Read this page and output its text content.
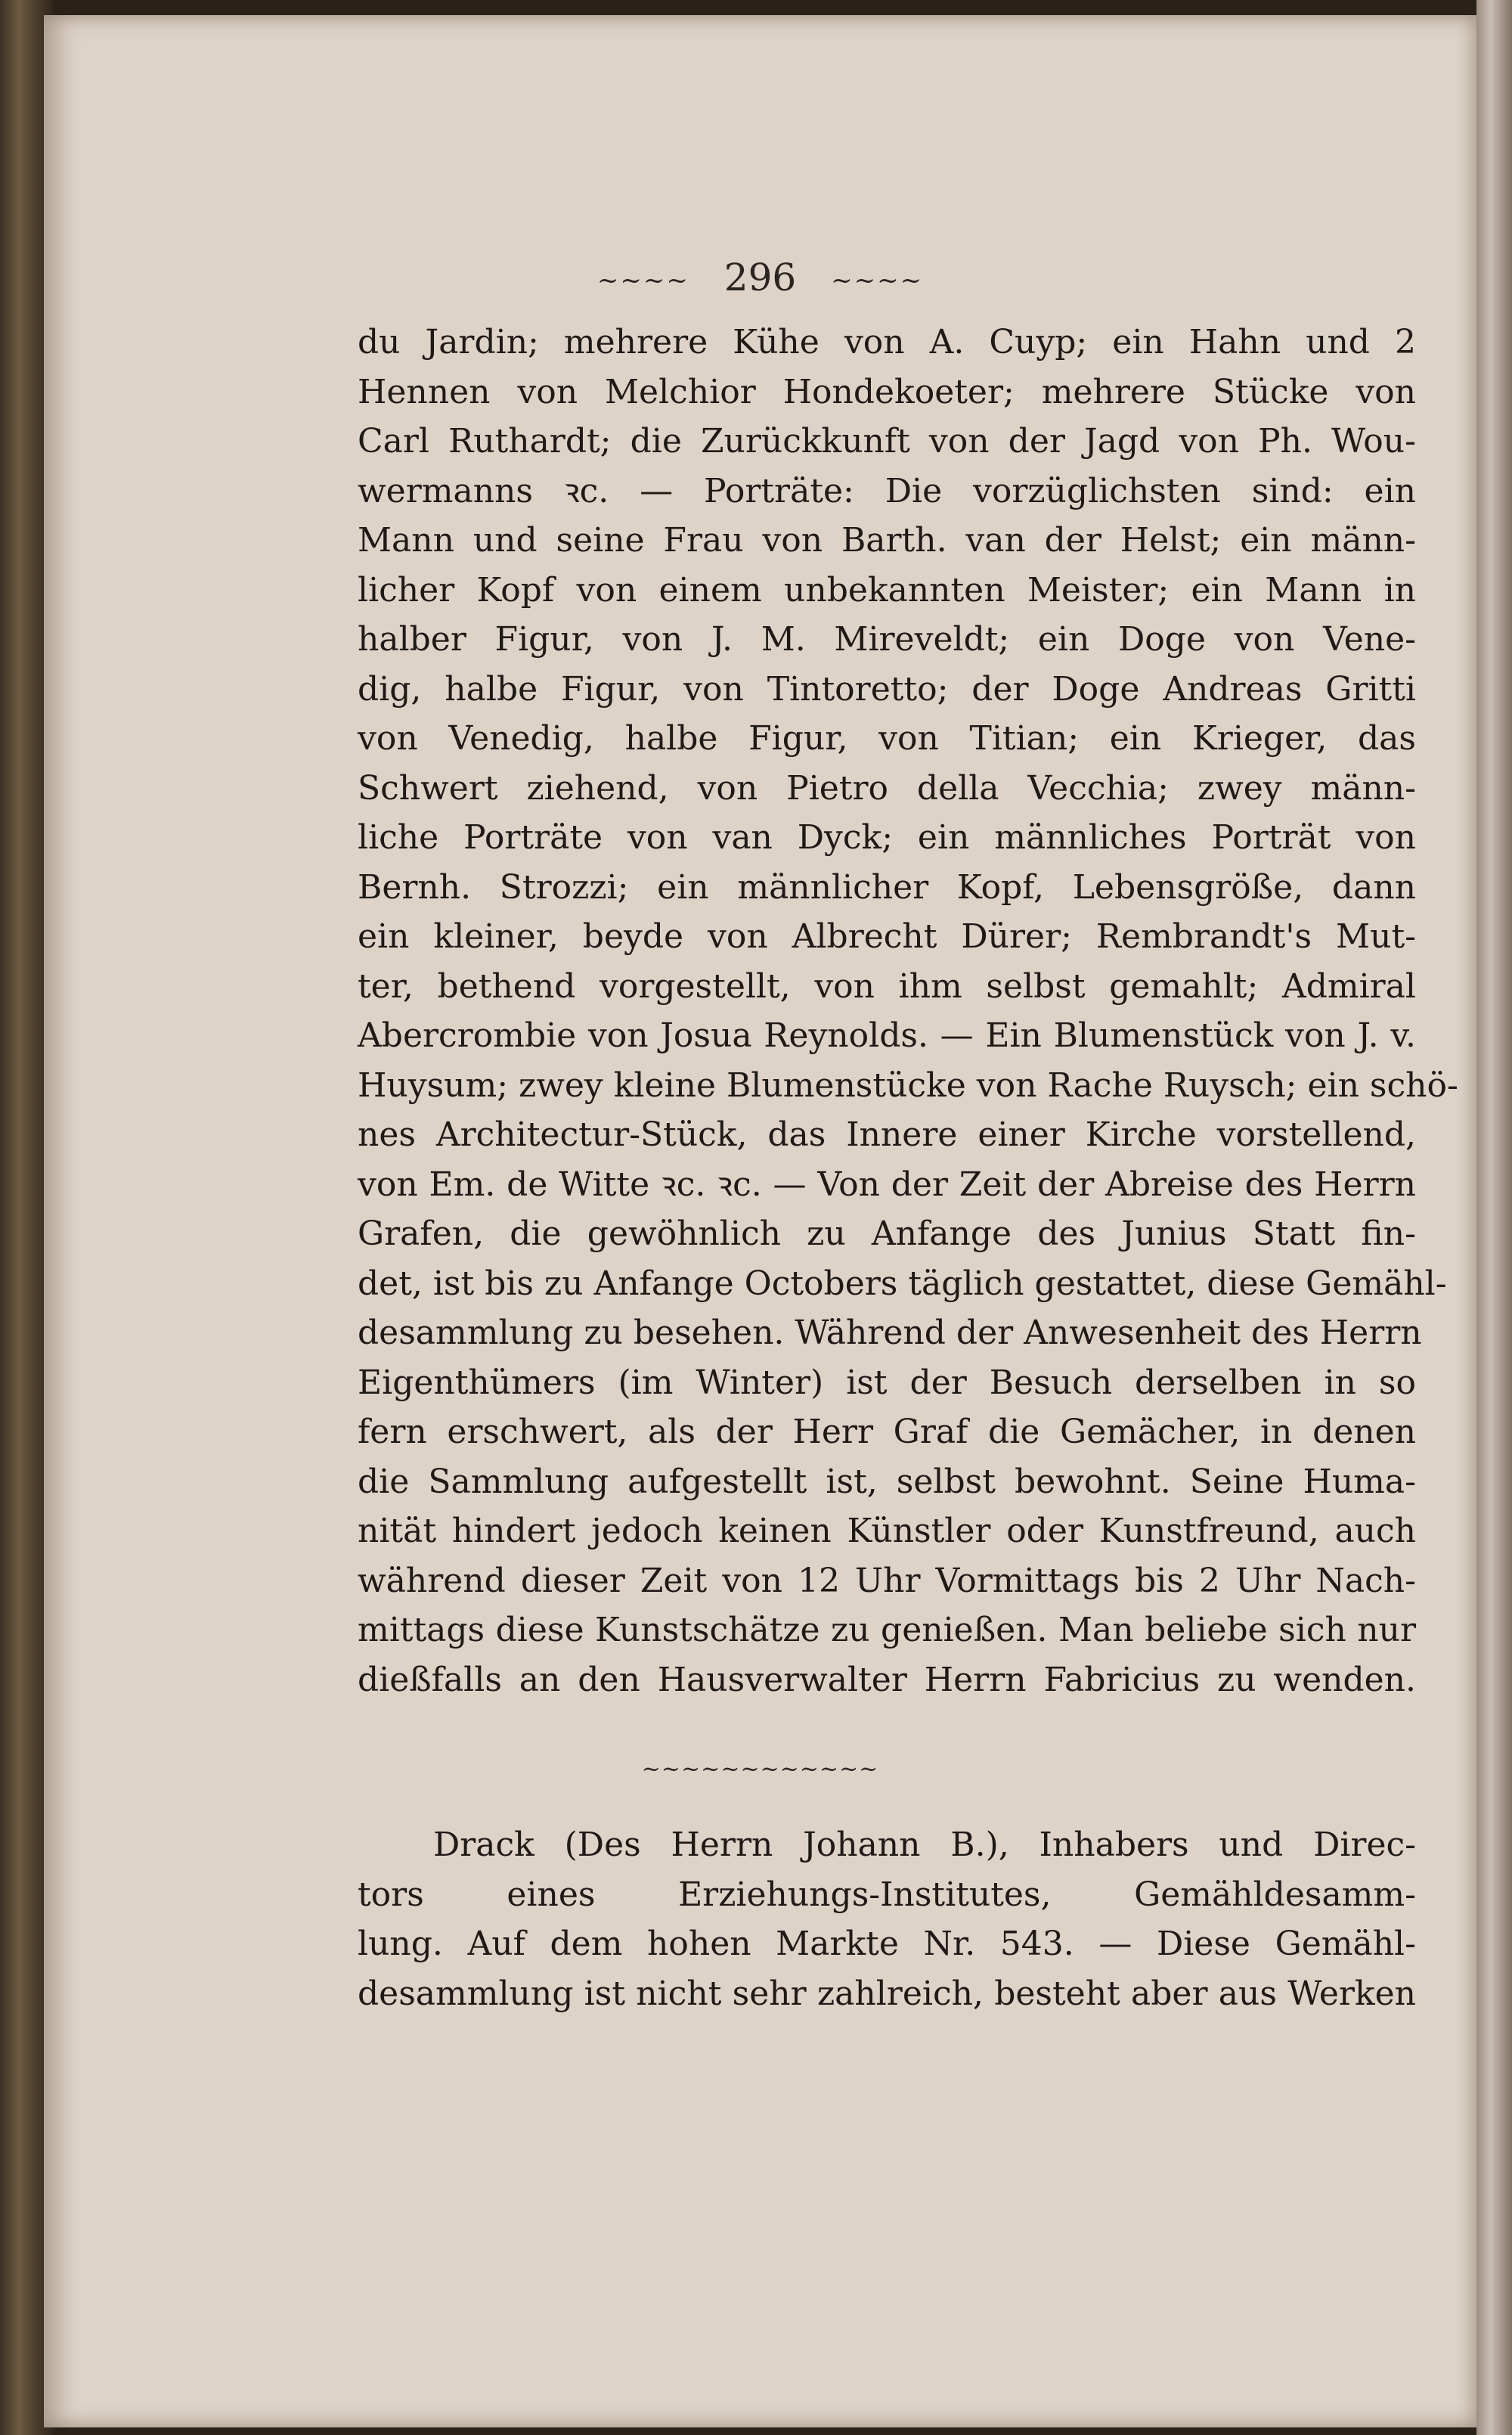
~~~~ 296 ~~~~
du Jardin; mehrere Kühe von A. Cuyp; ein Hahn und 2
Hennen von Melchior Hondekoeter; mehrere Stücke von
Carl Ruthardt; die Zurückkunft von der Jagd von Ph. Wou-
wermanns ꝛc. — Porträte: Die vorzüglichsten sind: ein
Mann und seine Frau von Barth. van der Helst; ein männ-
licher Kopf von einem unbekannten Meister; ein Mann in
halber Figur, von J. M. Mireveldt; ein Doge von Vene-
dig, halbe Figur, von Tintoretto; der Doge Andreas Gritti
von Venedig, halbe Figur, von Titian; ein Krieger, das
Schwert ziehend, von Pietro della Vecchia; zwey männ-
liche Porträte von van Dyck; ein männliches Porträt von
Bernh. Strozzi; ein männlicher Kopf, Lebensgröße, dann
ein kleiner, beyde von Albrecht Dürer; Rembrandt's Mut-
ter, bethend vorgestellt, von ihm selbst gemahlt; Admiral
Abercrombie von Josua Reynolds. — Ein Blumenstück von J. v.
Huysum; zwey kleine Blumenstücke von Rache Ruysch; ein schö-
nes Architectur-Stück, das Innere einer Kirche vorstellend,
von Em. de Witte ꝛc. ꝛc. — Von der Zeit der Abreise des Herrn
Grafen, die gewöhnlich zu Anfange des Junius Statt fin-
det, ist bis zu Anfange Octobers täglich gestattet, diese Gemähl-
desammlung zu besehen. Während der Anwesenheit des Herrn
Eigenthümers (im Winter) ist der Besuch derselben in so
fern erschwert, als der Herr Graf die Gemächer, in denen
die Sammlung aufgestellt ist, selbst bewohnt. Seine Huma-
nität hindert jedoch keinen Künstler oder Kunstfreund, auch
während dieser Zeit von 12 Uhr Vormittags bis 2 Uhr Nach-
mittags diese Kunstschätze zu genießen. Man beliebe sich nur
dießfalls an den Hausverwalter Herrn Fabricius zu wenden.
~~~~~~~~~~~~
Drack (Des Herrn Johann B.), Inhabers und Direc-
tors eines Erziehungs-Institutes, Gemähldesamm-
lung. Auf dem hohen Markte Nr. 543. — Diese Gemähl-
desammlung ist nicht sehr zahlreich, besteht aber aus Werken
